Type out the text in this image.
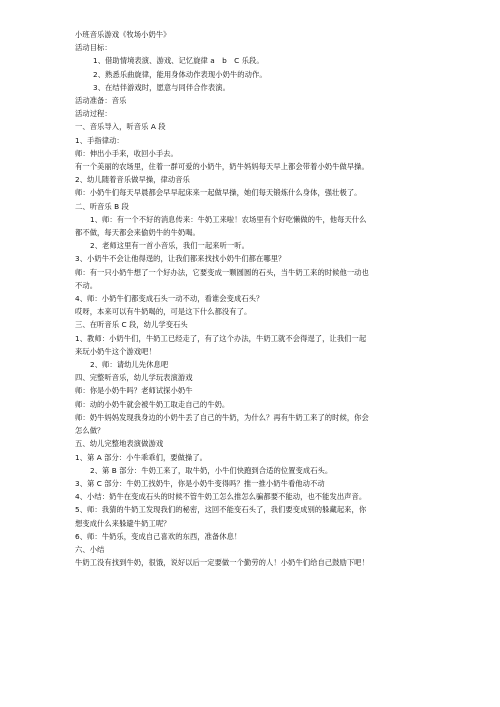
小班音乐游戏《牧场小奶牛》
活动目标：
1、借助情境表演、游戏、记忆旋律 a　b　C 乐段。
2、熟悉乐曲旋律，能用身体动作表现小奶牛的动作。
3、在结伴游戏时，愿意与同伴合作表演。
活动准备：音乐
活动过程：
一、音乐导入，听音乐 A 段
1、手指律动：
师：伸出小手来，收回小手去。
有一个美丽的农场里，住着一群可爱的小奶牛，奶牛妈妈每天早上都会带着小奶牛做早操。
2、幼儿随着音乐做早操，律动音乐
师：小奶牛们每天早晨都会早早起床来一起做早操，她们每天锻炼什么身体，强壮极了。
二、听音乐 B 段
1、师：有一个不好的消息传来：牛奶工来啦！农场里有个好吃懒做的牛，他每天什么
都不做，每天都会来偷奶牛的牛奶喝。
2、老师这里有一首小音乐，我们一起来听一听。
3、小奶牛不会让他得逞的，让我们都来找找小奶牛们都在哪里？
师：有一只小奶牛想了一个好办法，它要变成一颗圆圆的石头，当牛奶工来的时候他一动也
不动。
4、师：小奶牛们都变成石头一动不动，看谁会变成石头？
哎呀，本来可以有牛奶喝的，可是这下什么都没有了。
三、在听音乐 C 段，幼儿学变石头
1、教师：小奶牛们，牛奶工已经走了，有了这个办法，牛奶工就不会得逞了，让我们一起
来玩小奶牛这个游戏吧！
2、师：请幼儿先休息吧
四、完整听音乐，幼儿学玩表演游戏
师：你是小奶牛吗？老师试探小奶牛
师：动的小奶牛就会被牛奶工取走自己的牛奶。
师：奶牛妈妈发现我身边的小奶牛丢了自己的牛奶，为什么？再有牛奶工来了的时候，你会
怎么做？
五、幼儿完整地表演做游戏
1、第 A 部分：小牛乖乖们，要做操了。
2、第 B 部分：牛奶工来了，取牛奶，小牛们快跑到合适的位置变成石头。
3、第 C 部分：牛奶工找奶牛，你是小奶牛变得吗？推一推小奶牛看他动不动
4、小结：奶牛在变成石头的时候不管牛奶工怎么推怎么骗都要不能动，也不能发出声音。
5、师：我猜的牛奶工发现我们的秘密，这回不能变石头了，我们要变成别的躲藏起来，你
想变成什么来躲避牛奶工呢？
6、师：牛奶乐，变成自己喜欢的东西，准备休息！
六、小结
牛奶工没有找到牛奶，很饿，说好以后一定要做一个勤劳的人！小奶牛们给自己鼓励下吧！
